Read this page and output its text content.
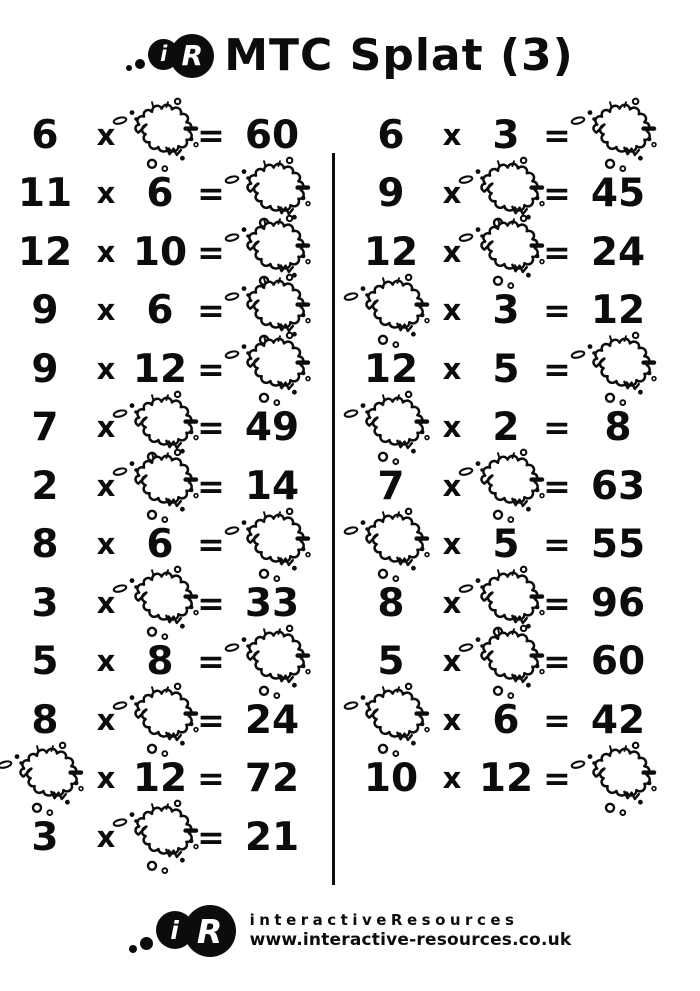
i R MTC Splat (3)
6 x = 60
11 x 6 =
12 x 10 =
9 x 6 =
9 x 12 =
7 x = 49
2 x = 14
8 x 6 =
3 x = 33
5 x 8 =
8 x = 24
x 12 = 72
3 x = 21
6 x 3 =
9 x = 45
12 x = 24
x 3 = 12
12 x 5 =
x 2 = 8
7 x = 63
x 5 = 55
8 x = 96
5 x = 60
x 6 = 42
10 x 12 =
i R	interactiveResources
www.interactive-resources.co.uk
